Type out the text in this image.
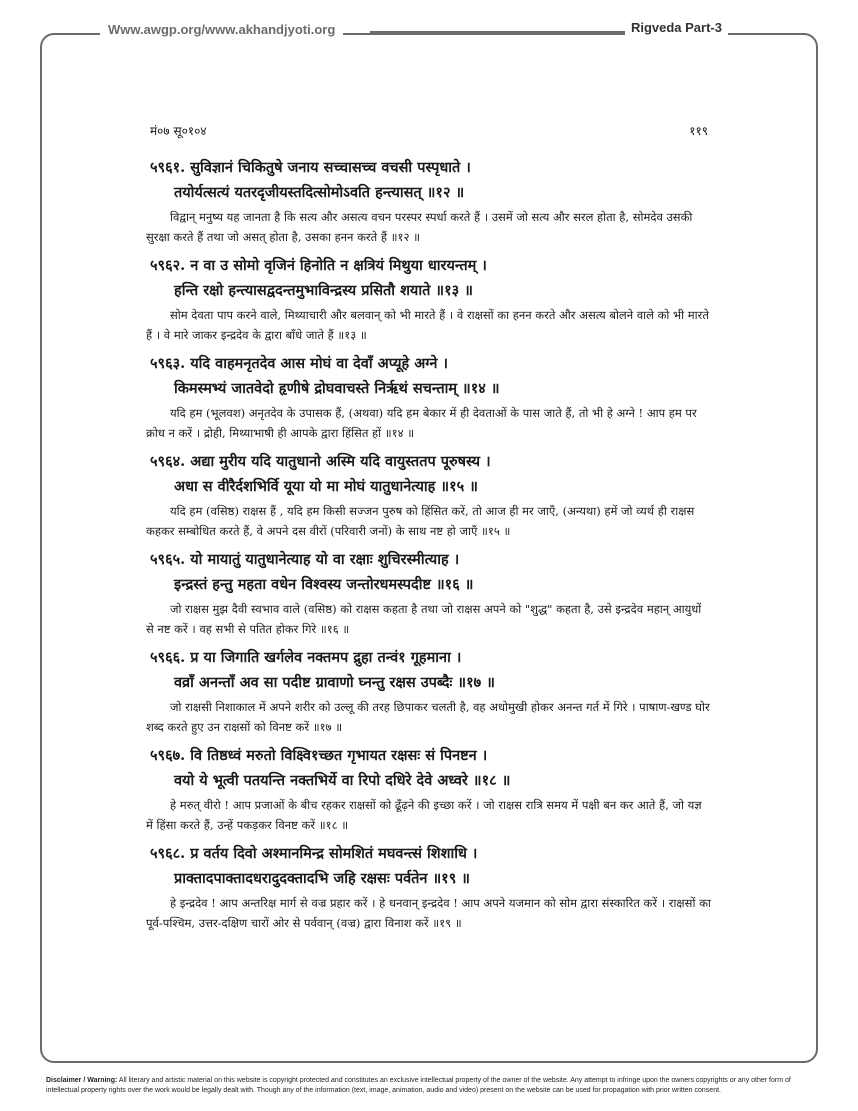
Www.awgp.org/www.akhandjyoti.org	Rigveda Part-3
मं०७ सू०१०४	११९
५९६१. सुविज्ञानं चिकितुषे जनाय सच्चासच्च वचसी पस्पृधाते ।
तयोर्यत्सत्यं यतरदृजीयस्तदित्सोमोऽवति हन्त्यासत् ॥१२ ॥
विद्वान् मनुष्य यह जानता है कि सत्य और असत्य वचन परस्पर स्पर्धा करते हैं । उसमें जो सत्य और सरल होता है, सोमदेव उसकी सुरक्षा करते हैं तथा जो असत् होता है, उसका हनन करते हैं ॥१२ ॥
५९६२. न वा उ सोमो वृजिनं हिनोति न क्षत्रियं मिथुया धारयन्तम् ।
हन्ति रक्षो हन्त्यासद्वदन्तमुभाविन्द्रस्य प्रसितौ शयाते ॥१३ ॥
सोम देवता पाप करने वाले, मिथ्याचारी और बलवान् को भी मारते हैं । वे राक्षसों का हनन करते और असत्य बोलने वाले को भी मारते हैं । वे मारे जाकर इन्द्रदेव के द्वारा बाँधे जाते हैं ॥१३ ॥
५९६३. यदि वाहमनृतदेव आस मोघं वा देवाँ अप्यूहे अग्ने ।
किमस्मभ्यं जातवेदो हृणीषे द्रोघवाचस्ते निर्ऋथं सचन्ताम् ॥१४ ॥
यदि हम (भूलवश) अनृतदेव के उपासक हैं, (अथवा) यदि हम बेकार में ही देवताओं के पास जाते हैं, तो भी हे अग्ने ! आप हम पर क्रोध न करें । द्रोही, मिथ्याभाषी ही आपके द्वारा हिंसित हों ॥१४ ॥
५९६४. अद्या मुरीय यदि यातुधानो अस्मि यदि वायुस्ततप पूरुषस्य ।
अधा स वीरैर्दशभिर्वि यूया यो मा मोघं यातुधानेत्याह ॥१५ ॥
यदि हम (वसिष्ठ) राक्षस हैं , यदि हम किसी सज्जन पुरुष को हिंसित करें, तो आज ही मर जाएँ, (अन्यथा) हमें जो व्यर्थ ही राक्षस कहकर सम्बोधित करते हैं, वे अपने दस वीरों (परिवारी जनों) के साथ नष्ट हो जाएँ ॥१५ ॥
५९६५. यो मायातुं यातुधानेत्याह यो वा रक्षाः शुचिरस्मीत्याह ।
इन्द्रस्तं हन्तु महता वधेन विश्वस्य जन्तोरधमस्पदीष्ट ॥१६ ॥
जो राक्षस मुझ दैवी स्वभाव वाले (वसिष्ठ) को राक्षस कहता है तथा जो राक्षस अपने को "शुद्ध" कहता है, उसे इन्द्रदेव महान् आयुधों से नष्ट करें । वह सभी से पतित होकर गिरे ॥१६ ॥
५९६६. प्र या जिगाति खर्गलेव नक्तमप द्रुहा तन्वं१ गूहमाना ।
वव्राँ अनन्ताँ अव सा पदीष्ट ग्रावाणो घ्नन्तु रक्षस उपब्दैः ॥१७ ॥
जो राक्षसी निशाकाल में अपने शरीर को उल्लू की तरह छिपाकर चलती है, वह अधोमुखी होकर अनन्त गर्त में गिरे । पाषाण-खण्ड घोर शब्द करते हुए उन राक्षसों को विनष्ट करें ॥१७ ॥
५९६७. वि तिष्ठध्वं मरुतो विक्ष्वि१च्छत गृभायत रक्षसः सं पिनष्टन ।
वयो ये भूत्वी पतयन्ति नक्तभिर्ये वा रिपो दधिरे देवे अध्वरे ॥१८ ॥
हे मरुत् वीरो ! आप प्रजाओं के बीच रहकर राक्षसों को ढूँढ़ने की इच्छा करें । जो राक्षस रात्रि समय में पक्षी बन कर आते हैं, जो यज्ञ में हिंसा करते हैं, उन्हें पकड़कर विनष्ट करें ॥१८ ॥
५९६८. प्र वर्तय दिवो अश्मानमिन्द्र सोमशितं मघवन्त्सं शिशाधि ।
प्राक्तादपाक्तादधरादुदक्तादभि जहि रक्षसः पर्वतेन ॥१९ ॥
हे इन्द्रदेव ! आप अन्तरिक्ष मार्ग से वज्र प्रहार करें । हे धनवान् इन्द्रदेव ! आप अपने यजमान को सोम द्वारा संस्कारित करें । राक्षसों का पूर्व-पश्चिम, उत्तर-दक्षिण चारों ओर से पर्ववान् (वज्र) द्वारा विनाश करें ॥१९ ॥
Disclaimer / Warning: All literary and artistic material on this website is copyright protected and constitutes an exclusive intellectual property of the owner of the website. Any attempt to infringe upon the owners copyrights or any other form of intellectual property rights over the work would be legally dealt with. Though any of the information (text, image, animation, audio and video) present on the website can be used for propagation with prior written consent.
